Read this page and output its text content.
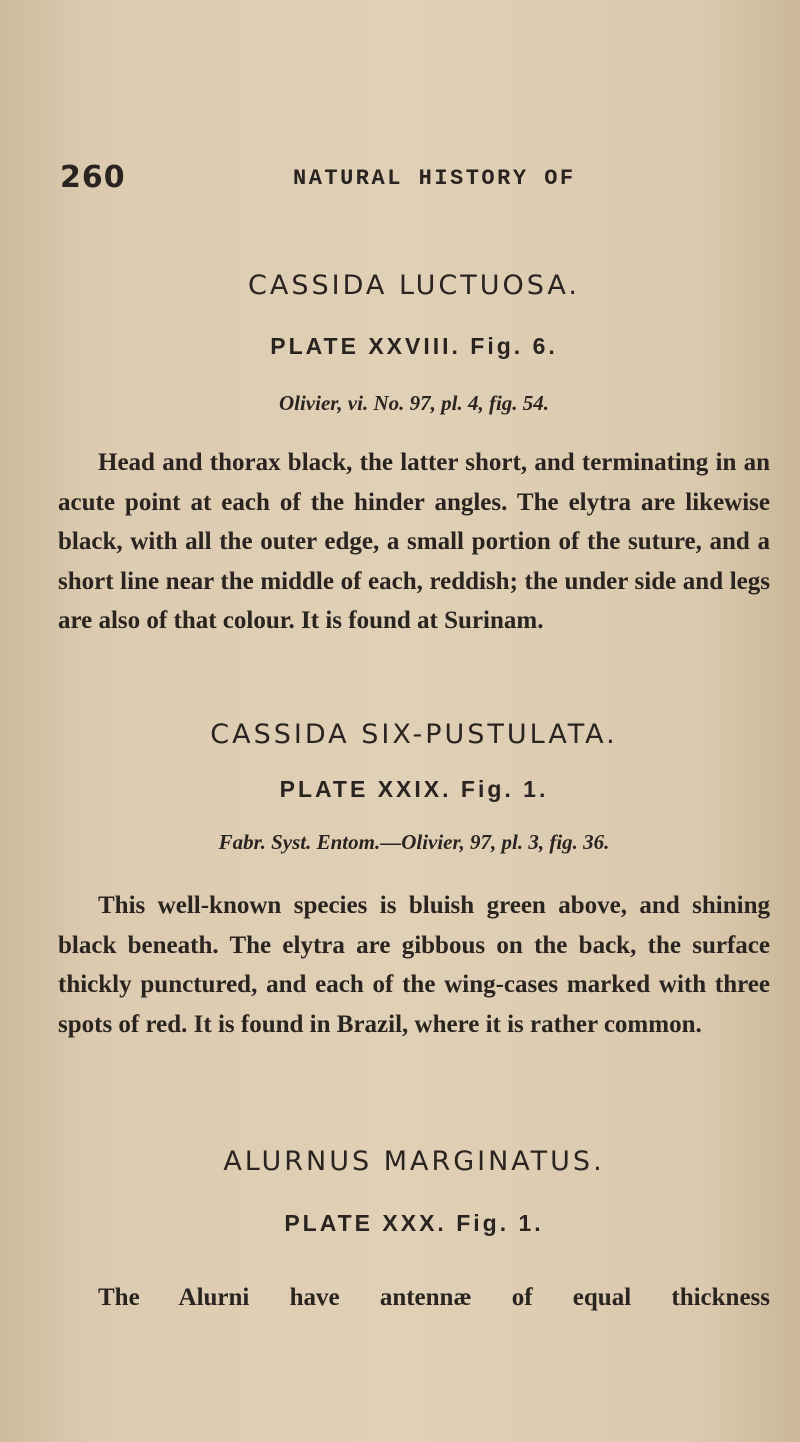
260	NATURAL HISTORY OF
CASSIDA LUCTUOSA.

PLATE XXVIII. Fig. 6.

Olivier, vi. No. 97, pl. 4, fig. 54.

Head and thorax black, the latter short, and terminating in an acute point at each of the hinder angles. The elytra are likewise black, with all the outer edge, a small portion of the suture, and a short line near the middle of each, reddish; the under side and legs are also of that colour. It is found at Surinam.

CASSIDA SIX-PUSTULATA.

PLATE XXIX. Fig. 1.

Fabr. Syst. Entom.—Olivier, 97, pl. 3, fig. 36.

This well-known species is bluish green above, and shining black beneath. The elytra are gibbous on the back, the surface thickly punctured, and each of the wing-cases marked with three spots of red. It is found in Brazil, where it is rather common.

ALURNUS MARGINATUS.

PLATE XXX. Fig. 1.

The Alurni have antennæ of equal thickness
